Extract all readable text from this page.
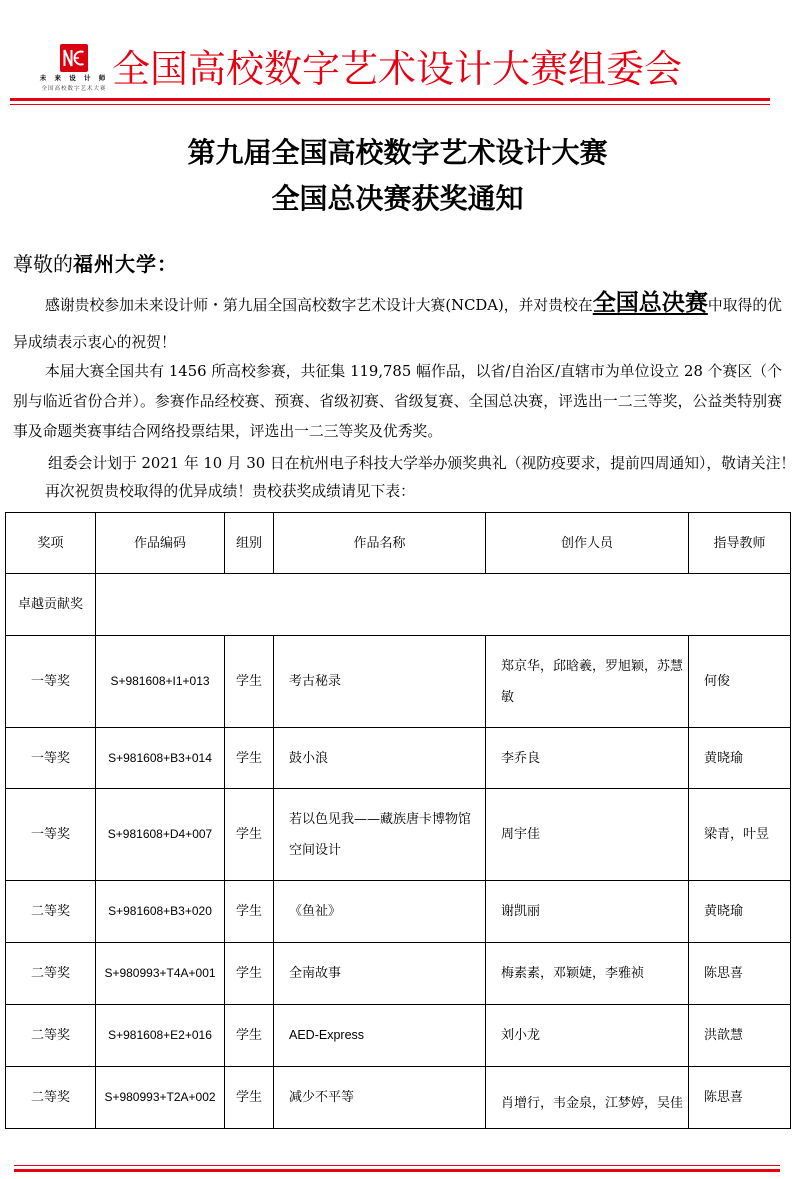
未 来 设 计 师
全国高校数字艺术大赛 全国高校数字艺术设计大赛组委会
第九届全国高校数字艺术设计大赛
全国总决赛获奖通知
尊敬的福州大学：

感谢贵校参加未来设计师・第九届全国高校数字艺术设计大赛(NCDA)，并对贵校在全国总决赛中取得的优异成绩表示衷心的祝贺！

本届大赛全国共有 1456 所高校参赛，共征集 119,785 幅作品，以省/自治区/直辖市为单位设立 28 个赛区（个别与临近省份合并）。参赛作品经校赛、预赛、省级初赛、省级复赛、全国总决赛，评选出一二三等奖，公益类特别赛事及命题类赛事结合网络投票结果，评选出一二三等奖及优秀奖。

组委会计划于 2021 年 10 月 30 日在杭州电子科技大学举办颁奖典礼（视防疫要求，提前四周通知），敬请关注！

再次祝贺贵校取得的优异成绩！贵校获奖成绩请见下表：

奖项	作品编码	组别	作品名称	创作人员	指导教师
卓越贡献奖					
一等奖	S+981608+I1+013	学生	考古秘录	郑京华，邱晗羲，罗旭颖，苏慧敏	何俊
一等奖	S+981608+B3+014	学生	鼓小浪	李乔良	黄晓瑜
一等奖	S+981608+D4+007	学生	若以色见我——藏族唐卡博物馆空间设计	周宇佳	梁青，叶昱
二等奖	S+981608+B3+020	学生	《鱼祉》	谢凯丽	黄晓瑜
二等奖	S+980993+T4A+001	学生	全南故事	梅素素，邓颖婕，李雅祯	陈思喜
二等奖	S+981608+E2+016	学生	AED-Express	刘小龙	洪歆慧
二等奖	S+980993+T2A+002	学生	减少不平等	肖增行，韦金泉，江梦婷，吴佳	陈思喜
